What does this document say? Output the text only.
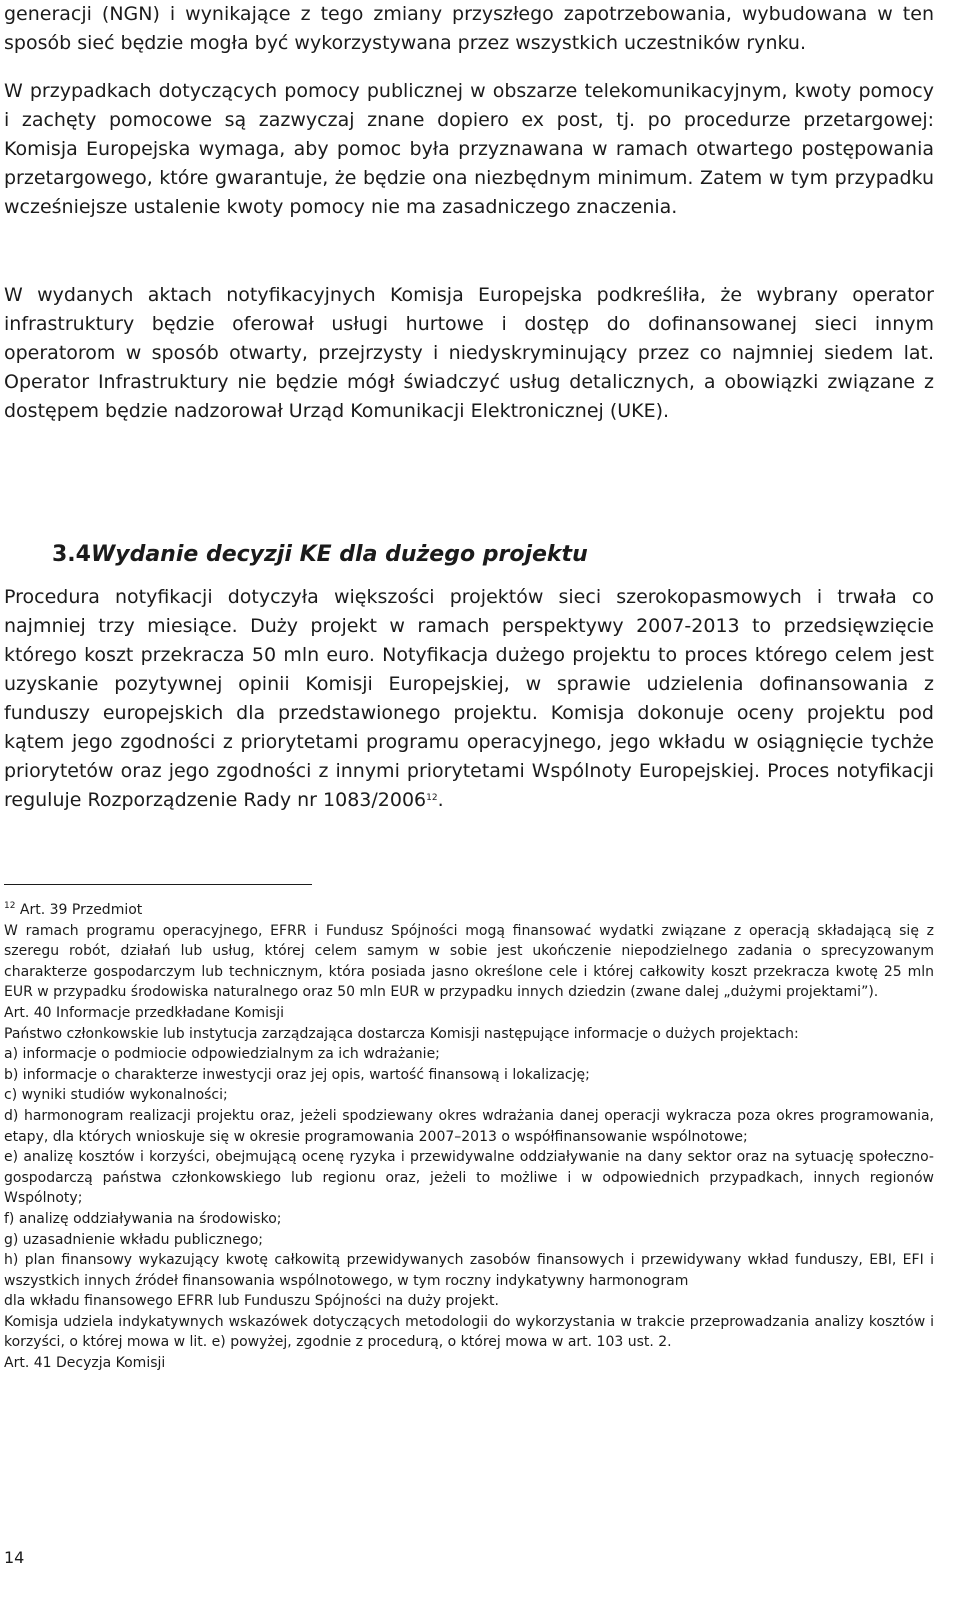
generacji (NGN) i wynikające z tego zmiany przyszłego zapotrzebowania, wybudowana w ten sposób sieć będzie mogła być wykorzystywana przez wszystkich uczestników rynku.

W przypadkach dotyczących pomocy publicznej w obszarze telekomunikacyjnym, kwoty pomocy i zachęty pomocowe są zazwyczaj znane dopiero ex post, tj. po procedurze przetargowej: Komisja Europejska wymaga, aby pomoc była przyznawana w ramach otwartego postępowania przetargowego, które gwarantuje, że będzie ona niezbędnym minimum. Zatem w tym przypadku wcześniejsze ustalenie kwoty pomocy nie ma zasadniczego znaczenia.

W wydanych aktach notyfikacyjnych Komisja Europejska podkreśliła, że wybrany operator infrastruktury będzie oferował usługi hurtowe i dostęp do dofinansowanej sieci innym operatorom w sposób otwarty, przejrzysty i niedyskryminujący przez co najmniej siedem lat. Operator Infrastruktury nie będzie mógł świadczyć usług detalicznych, a obowiązki związane z dostępem będzie nadzorował Urząd Komunikacji Elektronicznej (UKE).

3.4Wydanie decyzji KE dla dużego projektu

Procedura notyfikacji dotyczyła większości projektów sieci szerokopasmowych i trwała co najmniej trzy miesiące. Duży projekt w ramach perspektywy 2007-2013 to przedsięwzięcie którego koszt przekracza 50 mln euro. Notyfikacja dużego projektu to proces którego celem jest uzyskanie pozytywnej opinii Komisji Europejskiej, w sprawie udzielenia dofinansowania z funduszy europejskich dla przedstawionego projektu. Komisja dokonuje oceny projektu pod kątem jego zgodności z priorytetami programu operacyjnego, jego wkładu w osiągnięcie tychże priorytetów oraz jego zgodności z innymi priorytetami Wspólnoty Europejskiej. Proces notyfikacji reguluje Rozporządzenie Rady nr 1083/2006$^{12}$.

$^{12}$ Art. 39 Przedmiot

W ramach programu operacyjnego, EFRR i Fundusz Spójności mogą finansować wydatki związane z operacją składającą się z szeregu robót, działań lub usług, której celem samym w sobie jest ukończenie niepodzielnego zadania o sprecyzowanym charakterze gospodarczym lub technicznym, która posiada jasno określone cele i której całkowity koszt przekracza kwotę 25 mln EUR w przypadku środowiska naturalnego oraz 50 mln EUR w przypadku innych dziedzin (zwane dalej „dużymi projektami”).

Art. 40 Informacje przedkładane Komisji

Państwo członkowskie lub instytucja zarządzająca dostarcza Komisji następujące informacje o dużych projektach:

a) informacje o podmiocie odpowiedzialnym za ich wdrażanie;

b) informacje o charakterze inwestycji oraz jej opis, wartość finansową i lokalizację;

c) wyniki studiów wykonalności;

d) harmonogram realizacji projektu oraz, jeżeli spodziewany okres wdrażania danej operacji wykracza poza okres programowania, etapy, dla których wnioskuje się w okresie programowania 2007–2013 o współfinansowanie wspólnotowe;

e) analizę kosztów i korzyści, obejmującą ocenę ryzyka i przewidywalne oddziaływanie na dany sektor oraz na sytuację społeczno-gospodarczą państwa członkowskiego lub regionu oraz, jeżeli to możliwe i w odpowiednich przypadkach, innych regionów Wspólnoty;

f) analizę oddziaływania na środowisko;

g) uzasadnienie wkładu publicznego;

h) plan finansowy wykazujący kwotę całkowitą przewidywanych zasobów finansowych i przewidywany wkład funduszy, EBI, EFI i wszystkich innych źródeł finansowania wspólnotowego, w tym roczny indykatywny harmonogram

dla wkładu finansowego EFRR lub Funduszu Spójności na duży projekt.

Komisja udziela indykatywnych wskazówek dotyczących metodologii do wykorzystania w trakcie przeprowadzania analizy kosztów i korzyści, o której mowa w lit. e) powyżej, zgodnie z procedurą, o której mowa w art. 103 ust. 2.

Art. 41 Decyzja Komisji

14
